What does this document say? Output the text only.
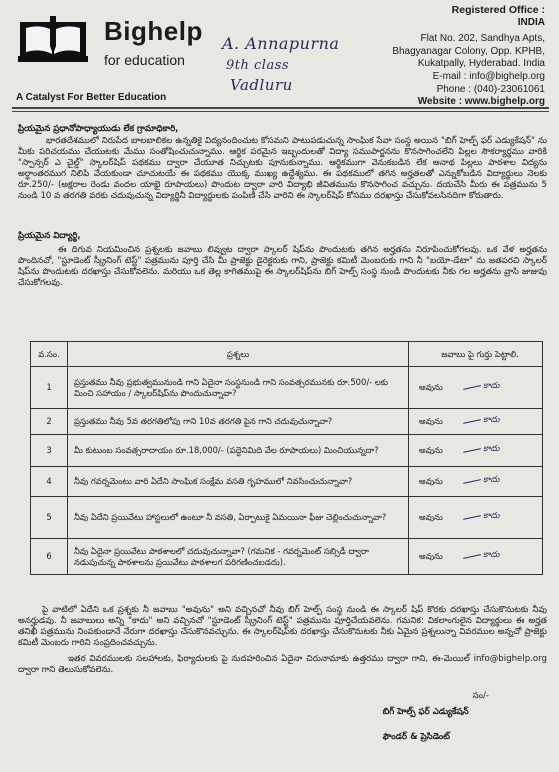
Bighelp
for education
A Catalyst For Better Education
A. Annapurna
9th class
Vadluru
Registered Office :
INDIA
Flat No. 202, Sandhya Apts,
Bhagyanagar Colony, Opp. KPHB,
Kukatpally, Hyderabad. India
E-mail : info@bighelp.org
Phone : (040)-23061061
Website : www.bighelp.org
ప్రియమైన ప్రధానోపాధ్యాయుడు లేక గ్రామాధికారి,
భారతదేశములో నిరుపేద బాలబాలికల ఉన్నతికై విద్యనందించుట కోసమని పాటుపడుచున్న సాంఘిక సేవా సంస్థ అయిన "బిగ్ హెల్ప్ ఫర్ ఎడ్యుకేషన్" ను మీకు పరిచయము చేయుటకు మేము సంతోషించుచున్నాము. ఆర్థిక పరమైన ఇబ్బందులతో విద్యా సముపార్జనను కొనసాగించలేని పిల్లల సౌకర్యార్థము వారికి "స్పాన్సర్ ఎ చైల్డ్" స్కాలర్‌షిప్ పథకము ద్వారా చేయూత నిచ్చుటకు పూనుకున్నాము. ఆర్థికముగా వెనుకబడిన లేక అనాథ పిల్లలు పాఠశాల విద్యను అర్ధాంతరముగ నిలిపి వేయకుండా చూచుటయే ఈ పథకము యొక్క ముఖ్య ఉద్దేశ్యము. ఈ పథకములో తగిన అర్హతలతో ఎన్నుకోబడిన విద్యార్థులు నెలకు రూ.250/- (అక్షరాల రెండు వందల యాభై రూపాయలు) పొందుట ద్వారా వారి విద్యాభి జీవితమును కొనసాగించ వచ్చును. దయచేసి మీరు ఈ పత్రమును 5 నుండి 10 వ తరగతి వరకు చదువుచున్న విద్యార్థినీ విద్యార్థులకు పంపిణీ చేసి వారిని ఈ స్కాలర్‌షిప్ కోసము దరఖాస్తు చేసుకోవలసినదిగా కోరుతారు.
ప్రియమైన విద్యార్థి,
ఈ దిగువ నియమించిన ప్రశ్నలకు జవాబు లివ్వుట ద్వారా స్కాలర్ షిప్‌ను పొందుటకు తగిన అర్హతను నిరూపించుకోగలవు. ఒక వేళ అర్హతను పొందినచో, "స్టూడెంట్ స్క్రీనింగ్ టెస్ట్" పత్రమును పూర్తి చేసి మీ ప్రాజెక్టు డైరెక్టరుకు గాని, ప్రాజెక్టు కమిటీ మెంబరుకు గాని నీ "బయో-డేటా" ను జతపరచి స్కాలర్ షిప్‌ను పొందుటకు దరఖాస్తు చేసుకోవలెను. మరియు ఒక తెల్ల కాగితముపై ఈ స్కాలర్‌షిప్‌ను బిగ్ హెల్ప్ సంస్థ నుండి పొందుటకు నీకు గల అర్హతను వ్రాసి జుజువు చేసుకోగలవు.
వ.సం.	ప్రశ్నలు	జవాబు పై గుర్తు పెట్టాలి.
1	ప్రస్తుతము నీవు ప్రభుత్వమునుండి గాని ఏదైనా సంస్థనుండి గాని సంవత్సరమునకు రూ.500/- లకు మించి సహాయం / స్కాలర్‌షిప్‌ను పొందుచున్నావా?	అవును కాదు
2	ప్రస్తుతము నీవు 5వ తరగతిలోపు గాని 10వ తరగతి పైన గాని చదువుచున్నావా?	అవును కాదు
3	మీ కుటుంబ సంవత్సరాదాయం రూ.18,000/- (పద్దెనిమిది వేల రూపాయలు) మించియున్నదా?	అవును కాదు
4	నీవు గవర్నమెంటు వారి ఏదేని సాంఘిక సంక్షేమ వసతి గృహములో నివసించుచున్నావా?	అవును కాదు
5	నీవు ఏదేని ప్రయివేటు హాస్టలులో ఉంటూ నీ వసతి, ఏర్పాటుకై ఏమయినా ఫీజు చెల్లించుచున్నావా?	అవును కాదు
6	నీవు ఏదైనా ప్రయివేటు పాఠశాలలో చదువుచున్నావా? (గమనిక - గవర్నమెంట్ సబ్సిడీ ద్వారా నడుపుచున్న పాఠశాలను ప్రయివేటు పాఠశాలగ పరిగణించబడదు).	అవును కాదు
పై వాటిలో ఏదేని ఒక ప్రశ్నకు నీ జవాబు "అవును" అని వచ్చినచో నీవు బిగ్ హెల్ప్ సంస్థ నుండి ఈ స్కాలర్ షిప్ కొరకు దరఖాస్తు చేసుకొనుటకు నీవు అనర్హుడవు. నీ జవాబులు అన్ని "కాదు" అని వచ్చినచో "స్టూడెంట్ స్క్రీనింగ్ టెస్ట్" పత్రమును పూర్తిచేయవలెను. గమనిక: వికలాంగులైన విద్యార్థులు ఈ అర్హత తనిఖీ పత్రమును నింపకుండానే నేరుగా దరఖాస్తు చేసుకొనవచ్చును. ఈ స్కాలర్‌షిప్‌కు దరఖాస్తు చేసుకొనుటకు నీకు ఏమైన ప్రశ్నలున్నా వివరముల అన్నచో ప్రాజెక్టు కమిటీ మెంబరు గారిని సంప్రదించవచ్చును.
ఇతర వివరములకు సలహాలకు, ఫిర్యాదులకు పై నుదహరించిన ఏదైనా చిరునామాకు ఉత్తరము ద్వారా గాని, ఈ-మెయిల్ info@bighelp.org ద్వారా గాని తెలుసుకోవలెను.
సం/-
బిగ్ హెల్ప్ ఫర్ ఎడ్యుకేషన్
ఫౌండర్ & ప్రెసిడెంట్
